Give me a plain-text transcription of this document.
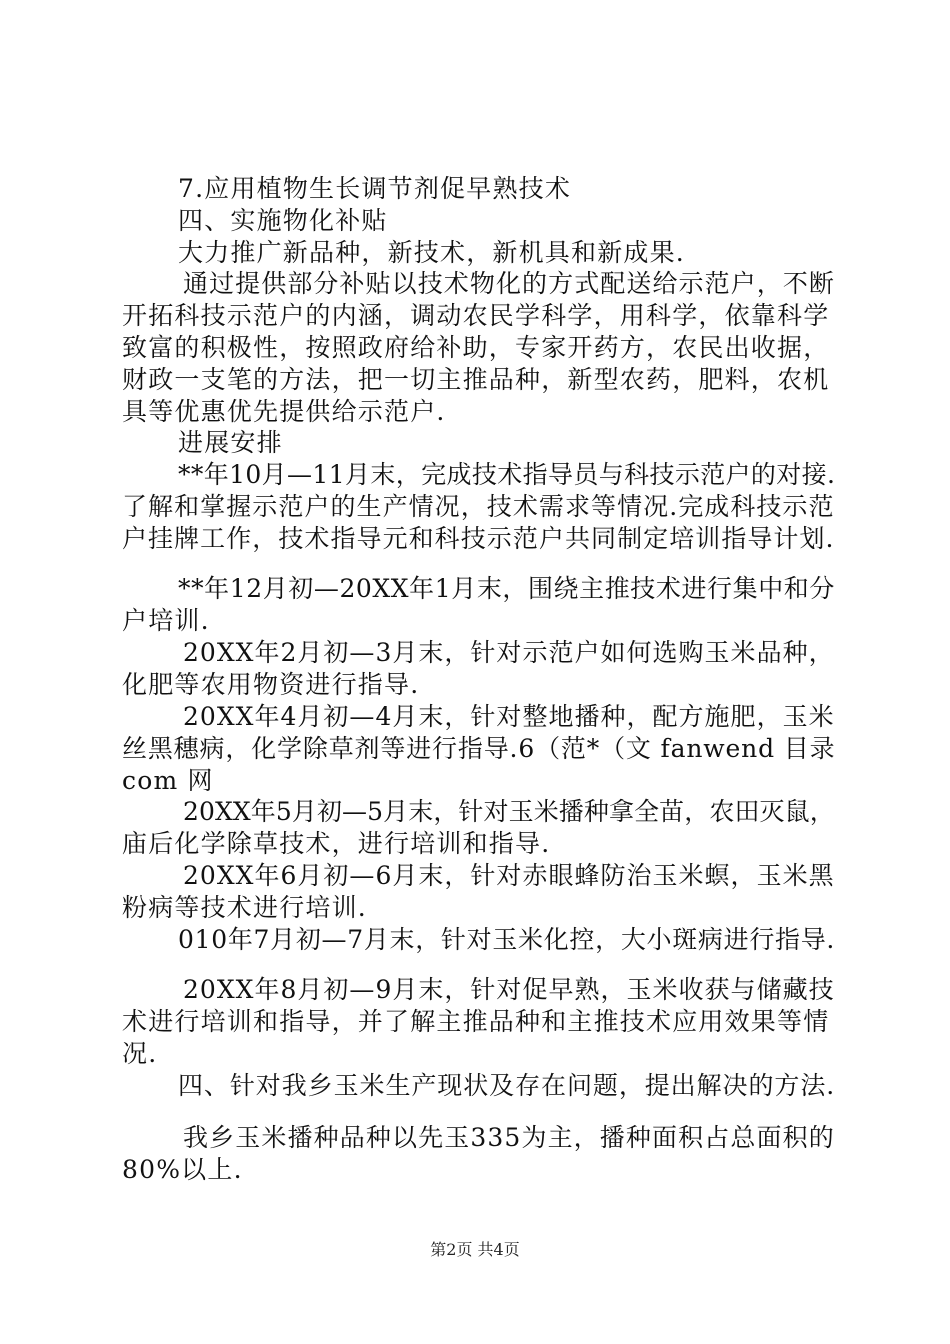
7.应用植物生长调节剂促早熟技术
四、实施物化补贴
大力推广新品种，新技术，新机具和新成果.
通过提供部分补贴以技术物化的方式配送给示范户，不断
开拓科技示范户的内涵，调动农民学科学，用科学，依靠科学
致富的积极性，按照政府给补助，专家开药方，农民出收据，
财政一支笔的方法，把一切主推品种，新型农药，肥料，农机
具等优惠优先提供给示范户.
进展安排
**年10月—11月末，完成技术指导员与科技示范户的对接.
了解和掌握示范户的生产情况，技术需求等情况.完成科技示范
户挂牌工作，技术指导元和科技示范户共同制定培训指导计划.
**年12月初—20XX年1月末，围绕主推技术进行集中和分
户培训.
20XX年2月初—3月末，针对示范户如何选购玉米品种，
化肥等农用物资进行指导.
20XX年4月初—4月末，针对整地播种，配方施肥，玉米
丝黑穗病，化学除草剂等进行指导.6（范*（文 fanwend 目录
com 网
20XX年5月初—5月末，针对玉米播种拿全苗，农田灭鼠，
庙后化学除草技术，进行培训和指导.
20XX年6月初—6月末，针对赤眼蜂防治玉米螟，玉米黑
粉病等技术进行培训.
010年7月初—7月末，针对玉米化控，大小斑病进行指导.
20XX年8月初—9月末，针对促早熟，玉米收获与储藏技
术进行培训和指导，并了解主推品种和主推技术应用效果等情
况.
四、针对我乡玉米生产现状及存在问题，提出解决的方法.
我乡玉米播种品种以先玉335为主，播种面积占总面积的
80%以上.
第2页 共4页
